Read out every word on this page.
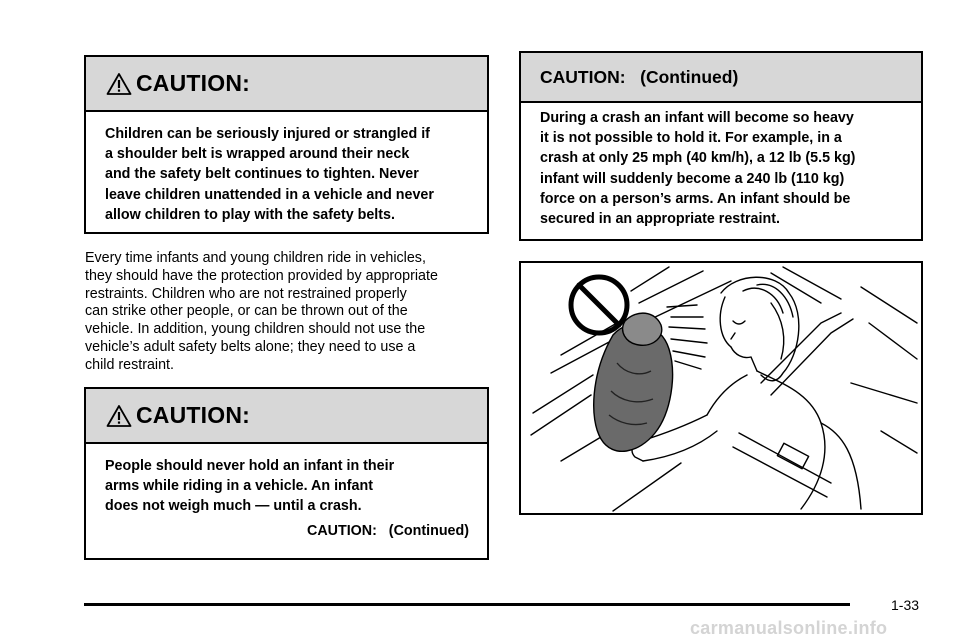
CAUTION:

Children can be seriously injured or strangled if

a shoulder belt is wrapped around their neck

and the safety belt continues to tighten. Never

leave children unattended in a vehicle and never

allow children to play with the safety belts.

Every time infants and young children ride in vehicles,
they should have the protection provided by appropriate
restraints. Children who are not restrained properly
can strike other people, or can be thrown out of the
vehicle. In addition, young children should not use the
vehicle’s adult safety belts alone; they need to use a
child restraint.
CAUTION:

People should never hold an infant in their

arms while riding in a vehicle. An infant

does not weigh much — until a crash.

CAUTION:   (Continued)

CAUTION:   (Continued)

During a crash an infant will become so heavy

it is not possible to hold it. For example, in a

crash at only 25 mph (40 km/h), a 12 lb (5.5 kg)

infant will suddenly become a 240 lb (110 kg)

force on a person’s arms. An infant should be

secured in an appropriate restraint.

1-33
carmanualsonline.info
